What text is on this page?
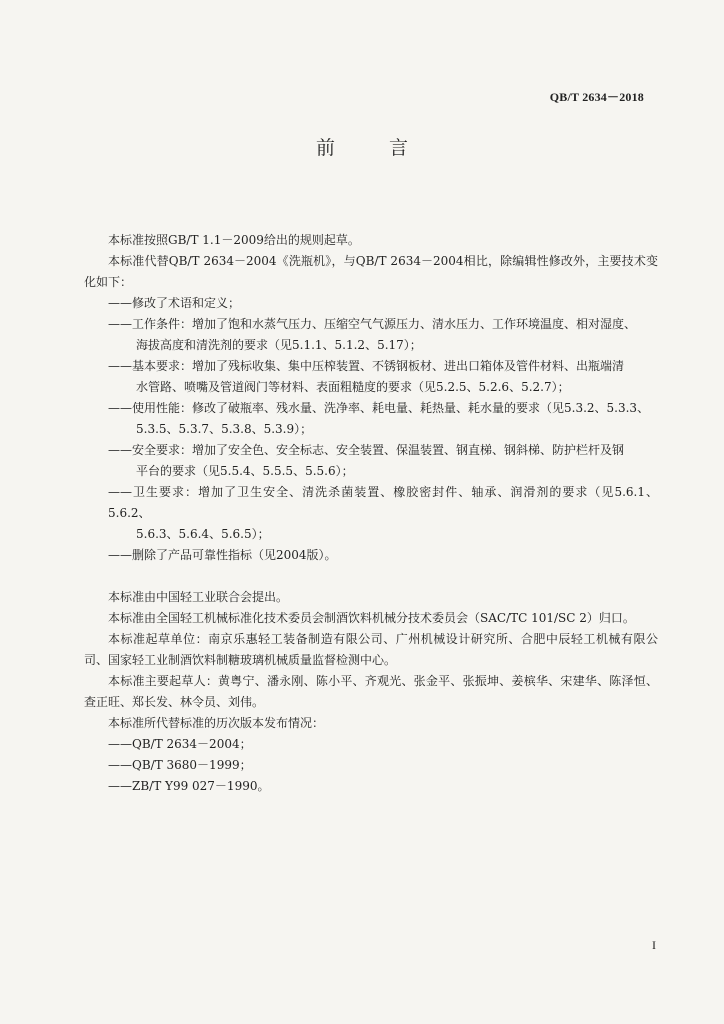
QB/T 2634－2018
前 言
本标准按照GB/T 1.1－2009给出的规则起草。
本标准代替QB/T 2634－2004《洗瓶机》，与QB/T 2634－2004相比，除编辑性修改外，主要技术变化如下：
——修改了术语和定义；
——工作条件：增加了饱和水蒸气压力、压缩空气气源压力、清水压力、工作环境温度、相对湿度、
海拔高度和清洗剂的要求（见5.1.1、5.1.2、5.17）；
——基本要求：增加了残标收集、集中压榨装置、不锈钢板材、进出口箱体及管件材料、出瓶端清
水管路、喷嘴及管道阀门等材料、表面粗糙度的要求（见5.2.5、5.2.6、5.2.7）；
——使用性能：修改了破瓶率、残水量、洗净率、耗电量、耗热量、耗水量的要求（见5.3.2、5.3.3、
5.3.5、5.3.7、5.3.8、5.3.9）；
——安全要求：增加了安全色、安全标志、安全装置、保温装置、钢直梯、钢斜梯、防护栏杆及钢
平台的要求（见5.5.4、5.5.5、5.5.6）；
——卫生要求：增加了卫生安全、清洗杀菌装置、橡胶密封件、轴承、润滑剂的要求（见5.6.1、5.6.2、
5.6.3、5.6.4、5.6.5）；
——删除了产品可靠性指标（见2004版）。
本标准由中国轻工业联合会提出。
本标准由全国轻工机械标准化技术委员会制酒饮料机械分技术委员会（SAC/TC 101/SC 2）归口。
本标准起草单位：南京乐惠轻工装备制造有限公司、广州机械设计研究所、合肥中辰轻工机械有限公司、国家轻工业制酒饮料制糖玻璃机械质量监督检测中心。
本标准主要起草人：黄粤宁、潘永刚、陈小平、齐观光、张金平、张振坤、姜槟华、宋建华、陈泽恒、查正旺、郑长发、林令员、刘伟。
本标准所代替标准的历次版本发布情况：
——QB/T 2634－2004；
——QB/T 3680－1999；
——ZB/T Y99 027－1990。
I
